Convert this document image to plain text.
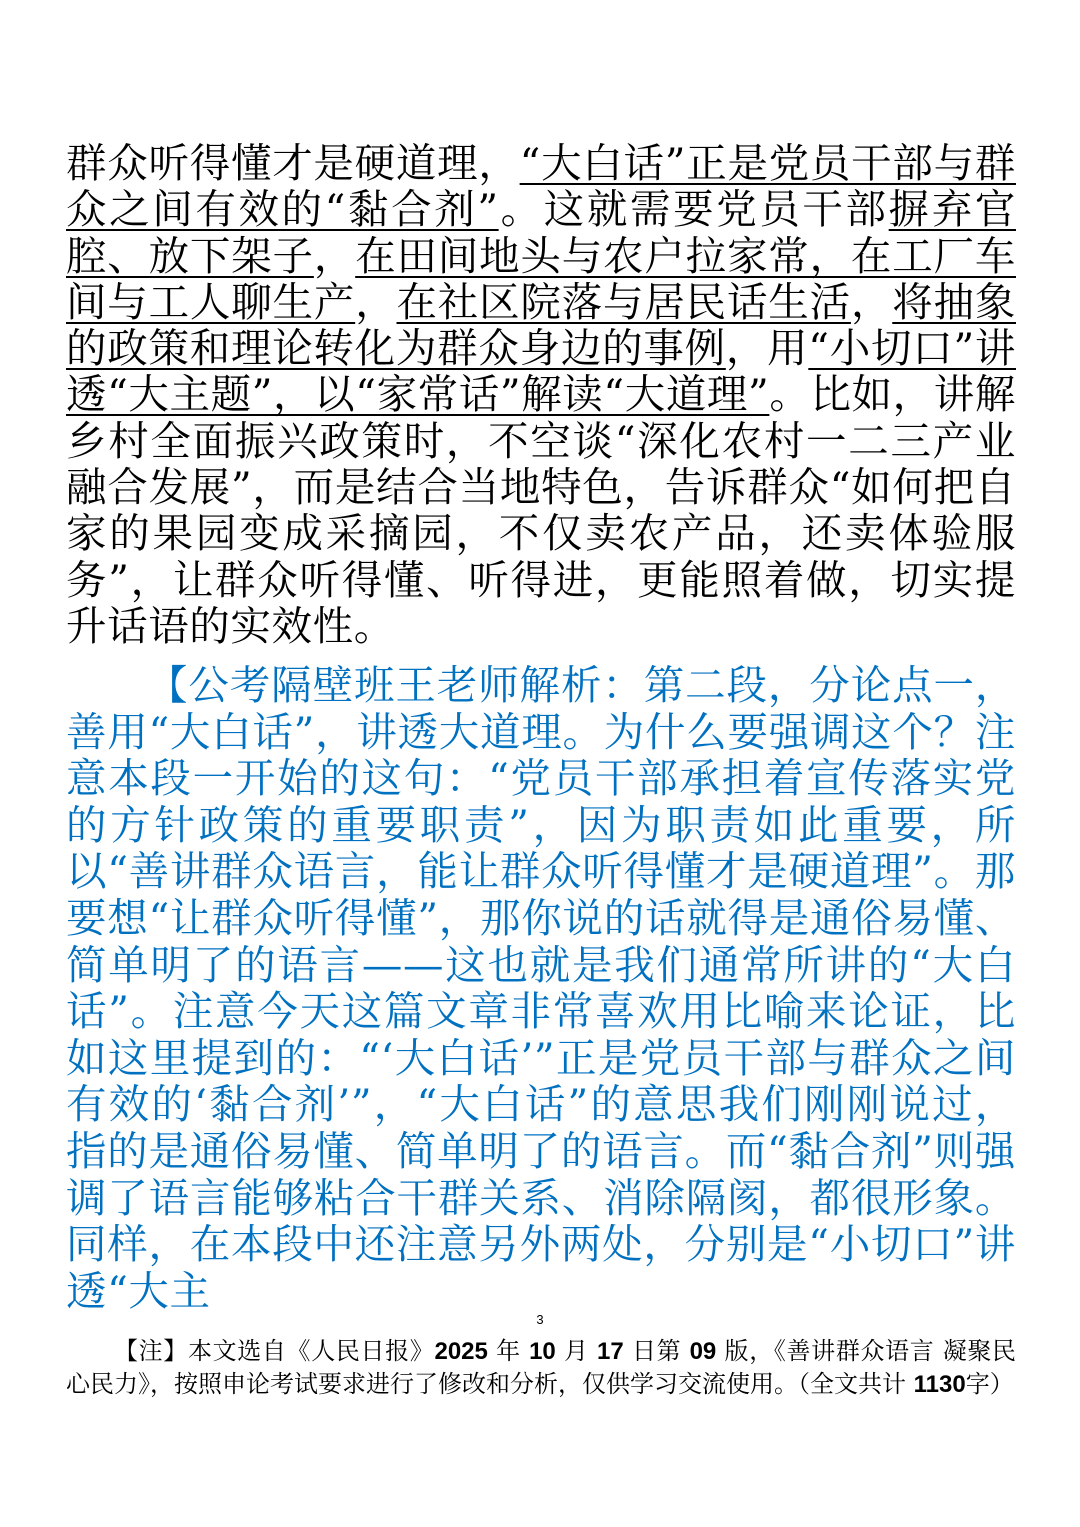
群众听得懂才是硬道理，“大白话”正是党员干部与群众之间有效的“黏合剂”。这就需要党员干部摒弃官腔、放下架子，在田间地头与农户拉家常，在工厂车间与工人聊生产，在社区院落与居民话生活，将抽象的政策和理论转化为群众身边的事例，用“小切口”讲透“大主题”，以“家常话”解读“大道理”。比如，讲解乡村全面振兴政策时，不空谈“深化农村一二三产业融合发展”，而是结合当地特色，告诉群众“如何把自家的果园变成采摘园，不仅卖农产品，还卖体验服务”，让群众听得懂、听得进，更能照着做，切实提升话语的实效性。

【公考隔壁班王老师解析：第二段，分论点一，善用“大白话”，讲透大道理。为什么要强调这个？注意本段一开始的这句：“党员干部承担着宣传落实党的方针政策的重要职责”，因为职责如此重要，所以“善讲群众语言，能让群众听得懂才是硬道理”。那要想“让群众听得懂”，那你说的话就得是通俗易懂、简单明了的语言——这也就是我们通常所讲的“大白话”。注意今天这篇文章非常喜欢用比喻来论证，比如这里提到的：“‘大白话’”正是党员干部与群众之间有效的‘黏合剂’”，“大白话”的意思我们刚刚说过，指的是通俗易懂、简单明了的语言。而“黏合剂”则强调了语言能够粘合干群关系、消除隔阂，都很形象。同样，在本段中还注意另外两处，分别是“小切口”讲透“大主

3

【注】本文选自《人民日报》2025 年 10 月 17 日第 09 版，《善讲群众语言 凝聚民心民力》，按照申论考试要求进行了修改和分析，仅供学习交流使用。（全文共计 1130字）
